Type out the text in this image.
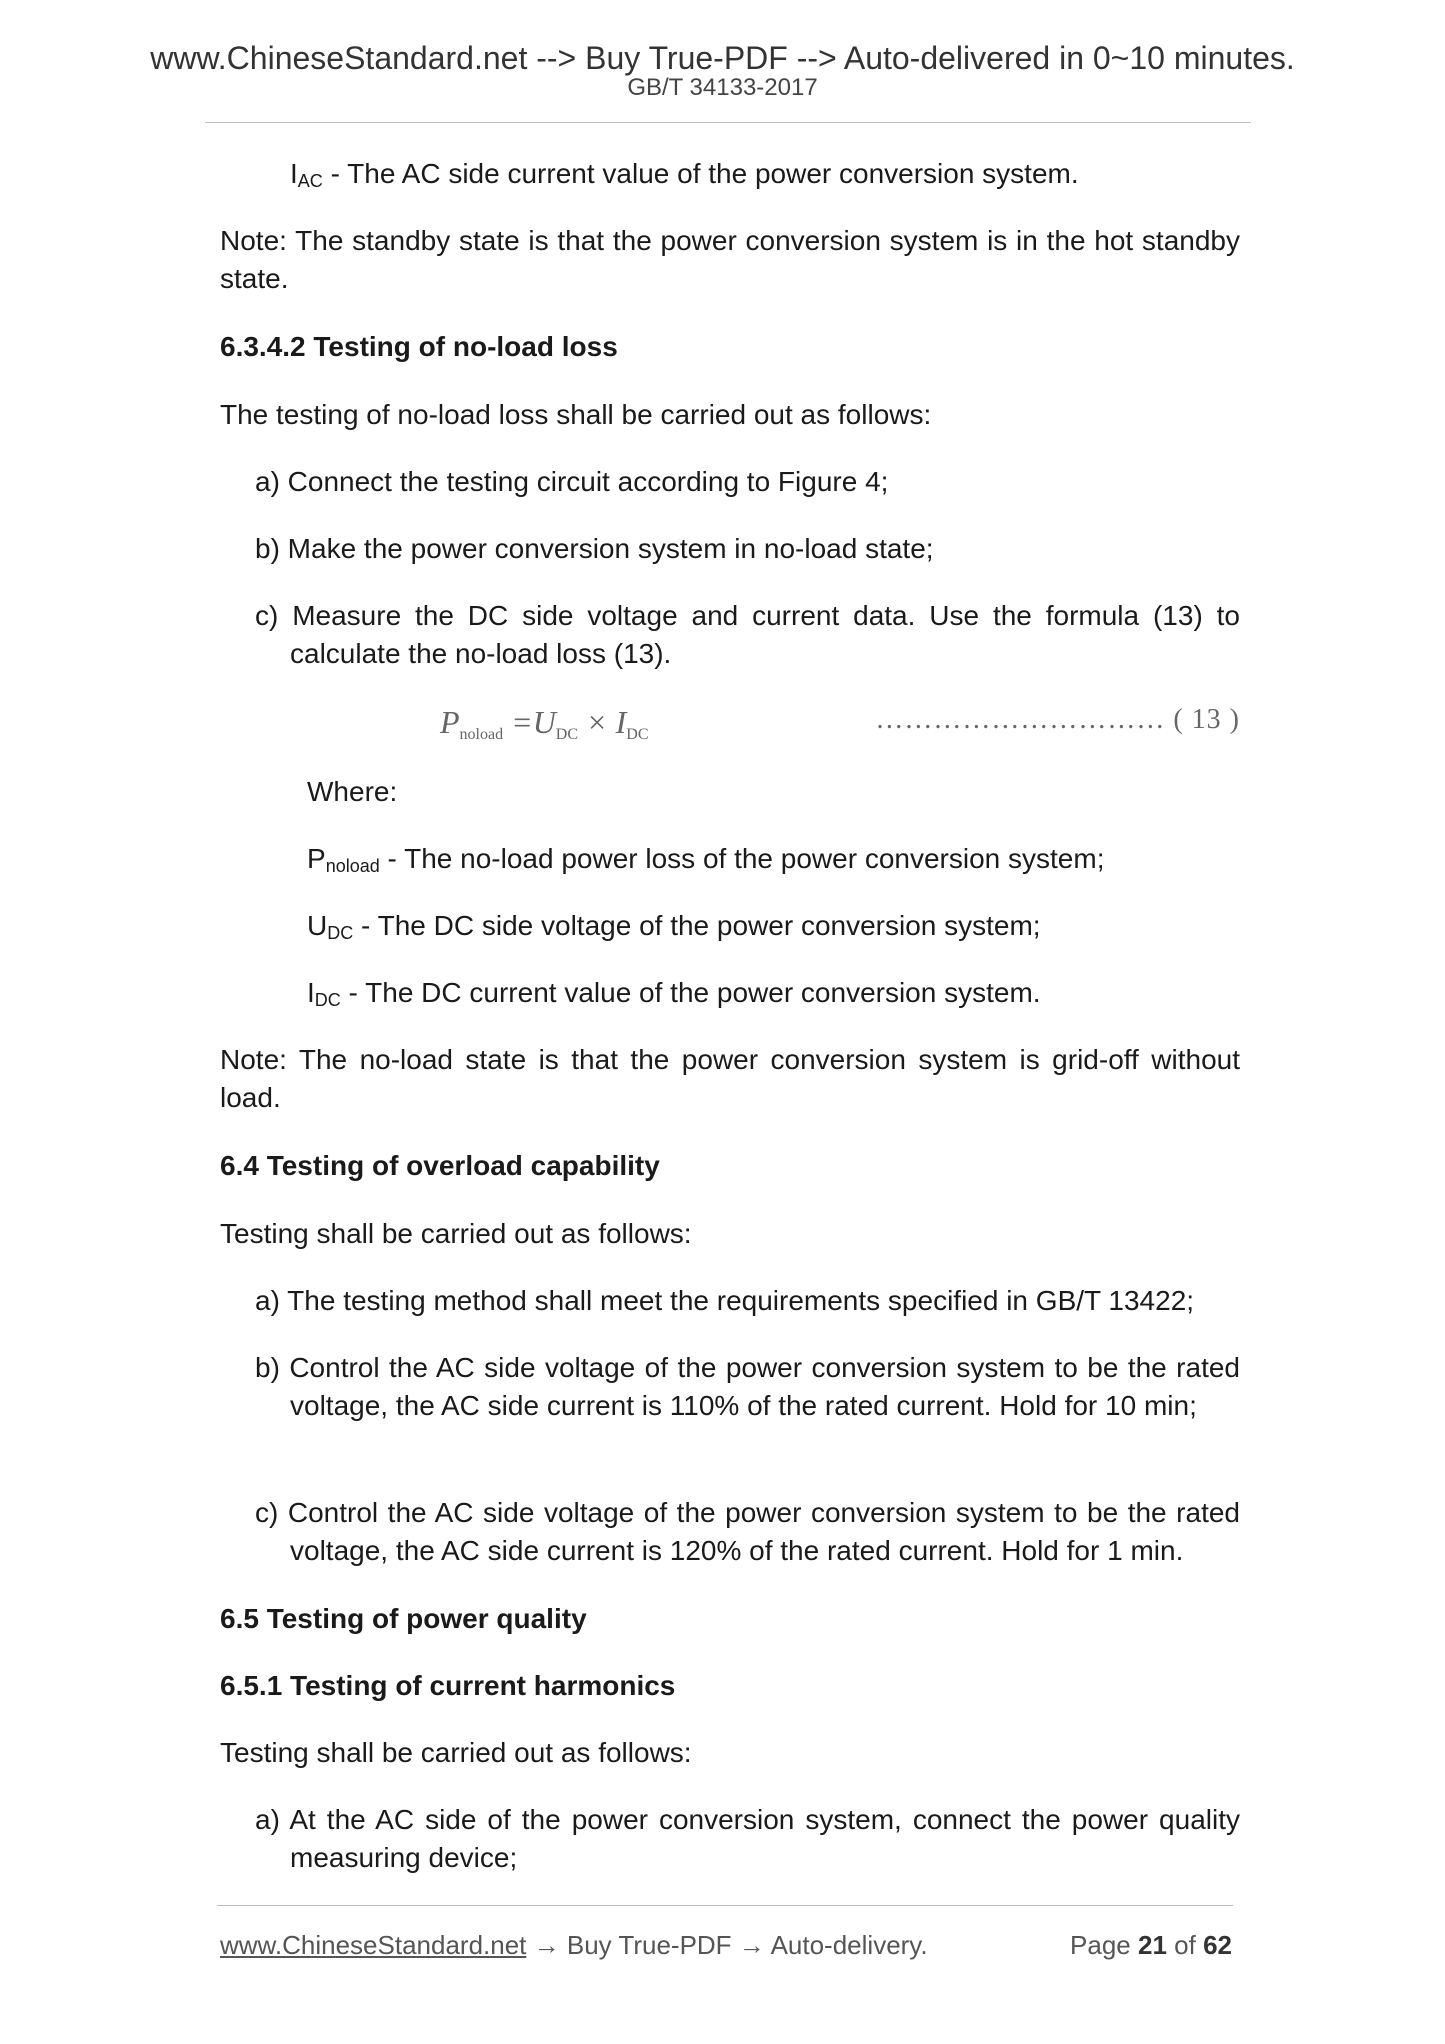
www.ChineseStandard.net --> Buy True-PDF --> Auto-delivered in 0~10 minutes.
GB/T 34133-2017

$I_{AC}$ - The AC side current value of the power conversion system.

Note: The standby state is that the power conversion system is in the hot standby state.

6.3.4.2 Testing of no-load loss

The testing of no-load loss shall be carried out as follows:

a) Connect the testing circuit according to Figure 4;

b) Make the power conversion system in no-load state;

c) Measure the DC side voltage and current data. Use the formula (13) to calculate the no-load loss (13).

Where:

$P_{noload}$ - The no-load power loss of the power conversion system;

$U_{DC}$ - The DC side voltage of the power conversion system;

$I_{DC}$ - The DC current value of the power conversion system.

Note: The no-load state is that the power conversion system is grid-off without load.

6.4 Testing of overload capability

Testing shall be carried out as follows:

a) The testing method shall meet the requirements specified in GB/T 13422;

b) Control the AC side voltage of the power conversion system to be the rated voltage, the AC side current is 110% of the rated current. Hold for 10 min;

c) Control the AC side voltage of the power conversion system to be the rated voltage, the AC side current is 120% of the rated current. Hold for 1 min.

6.5 Testing of power quality

6.5.1 Testing of current harmonics

Testing shall be carried out as follows:

a) At the AC side of the power conversion system, connect the power quality measuring device;

$P_{noload} =U_{DC} \times I_{DC}$	………………………… ( 13 )
www.ChineseStandard.net → Buy True-PDF → Auto-delivery.	Page 21 of 62
